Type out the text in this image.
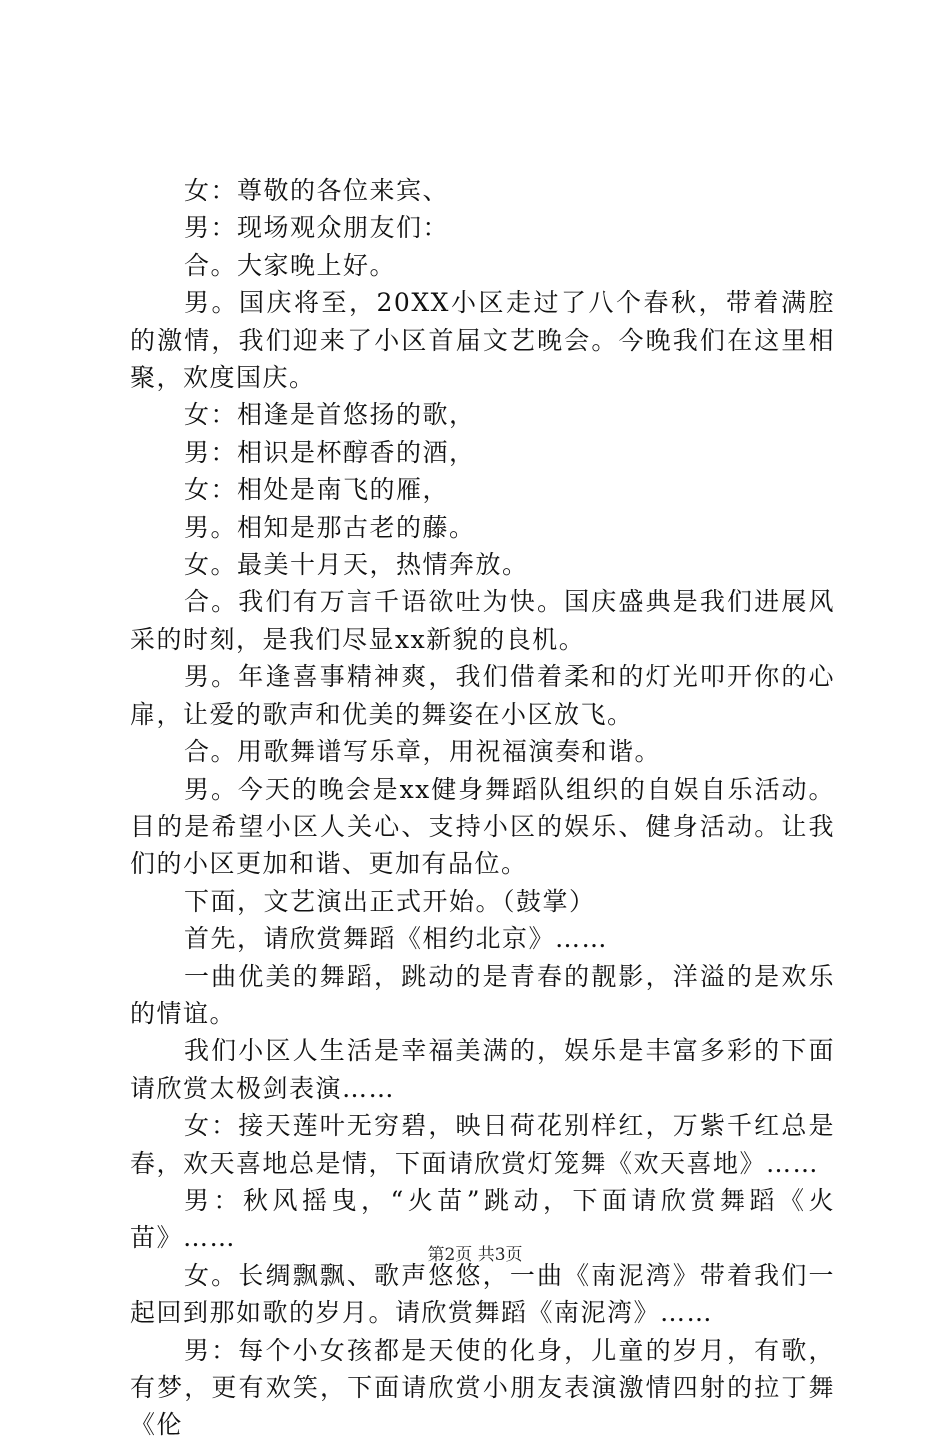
女：尊敬的各位来宾、

男：现场观众朋友们：

合。大家晚上好。

男。国庆将至，20XX小区走过了八个春秋，带着满腔的激情，我们迎来了小区首届文艺晚会。今晚我们在这里相聚，欢度国庆。

女：相逢是首悠扬的歌，

男：相识是杯醇香的酒，

女：相处是南飞的雁，

男。相知是那古老的藤。

女。最美十月天，热情奔放。

合。我们有万言千语欲吐为快。国庆盛典是我们进展风采的时刻，是我们尽显xx新貌的良机。

男。年逢喜事精神爽，我们借着柔和的灯光叩开你的心扉，让爱的歌声和优美的舞姿在小区放飞。

合。用歌舞谱写乐章，用祝福演奏和谐。

男。今天的晚会是xx健身舞蹈队组织的自娱自乐活动。目的是希望小区人关心、支持小区的娱乐、健身活动。让我们的小区更加和谐、更加有品位。

下面，文艺演出正式开始。（鼓掌）

首先，请欣赏舞蹈《相约北京》……

一曲优美的舞蹈，跳动的是青春的靓影，洋溢的是欢乐的情谊。

我们小区人生活是幸福美满的，娱乐是丰富多彩的下面请欣赏太极剑表演……

女：接天莲叶无穷碧，映日荷花别样红，万紫千红总是春，欢天喜地总是情，下面请欣赏灯笼舞《欢天喜地》……

男：秋风摇曳，“火苗”跳动，下面请欣赏舞蹈《火苗》……

女。长绸飘飘、歌声悠悠，一曲《南泥湾》带着我们一起回到那如歌的岁月。请欣赏舞蹈《南泥湾》……

男：每个小女孩都是天使的化身，儿童的岁月，有歌，有梦，更有欢笑，下面请欣赏小朋友表演激情四射的拉丁舞《伦

第2页 共3页
